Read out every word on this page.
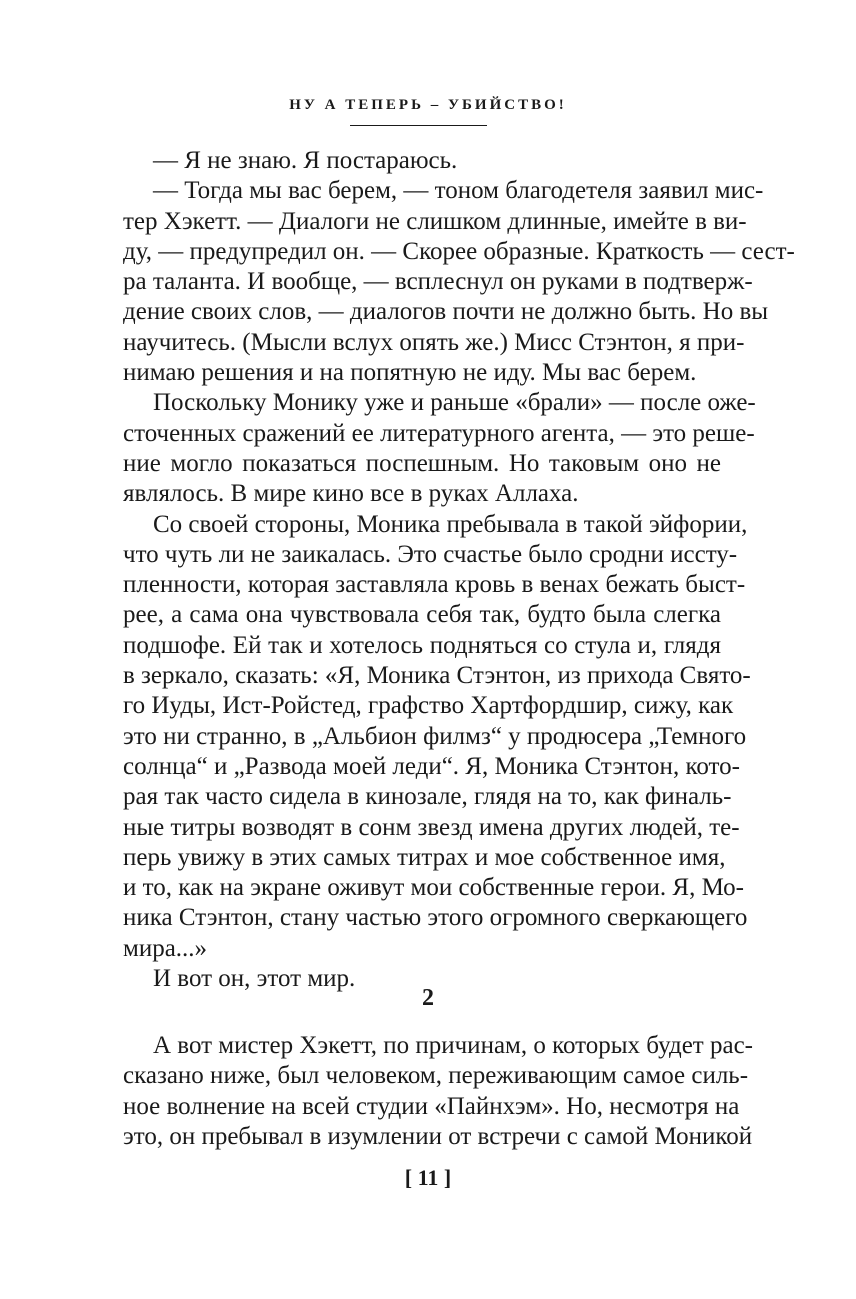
НУ А ТЕПЕРЬ – УБИЙСТВО!
— Я не знаю. Я постараюсь.
— Тогда мы вас берем, — тоном благодетеля заявил мис-
тер Хэкетт. — Диалоги не слишком длинные, имейте в ви-
ду, — предупредил он. — Скорее образные. Краткость — сест-
ра таланта. И вообще, — всплеснул он руками в подтверж-
дение своих слов, — диалогов почти не должно быть. Но вы
научитесь. (Мысли вслух опять же.) Мисс Стэнтон, я при-
нимаю решения и на попятную не иду. Мы вас берем.
Поскольку Монику уже и раньше «брали» — после оже-
сточенных сражений ее литературного агента, — это реше-
ние могло показаться поспешным. Но таковым оно не
являлось. В мире кино все в руках Аллаха.
Со своей стороны, Моника пребывала в такой эйфории,
что чуть ли не заикалась. Это счастье было сродни иссту-
пленности, которая заставляла кровь в венах бежать быст-
рее, а сама она чувствовала себя так, будто была слегка
подшофе. Ей так и хотелось подняться со стула и, глядя
в зеркало, сказать: «Я, Моника Стэнтон, из прихода Свято-
го Иуды, Ист-Ройстед, графство Хартфордшир, сижу, как
это ни странно, в „Альбион филмз“ у продюсера „Темного
солнца“ и „Развода моей леди“. Я, Моника Стэнтон, кото-
рая так часто сидела в кинозале, глядя на то, как финаль-
ные титры возводят в сонм звезд имена других людей, те-
перь увижу в этих самых титрах и мое собственное имя,
и то, как на экране оживут мои собственные герои. Я, Мо-
ника Стэнтон, стану частью этого огромного сверкающего
мира...»
И вот он, этот мир.
2
А вот мистер Хэкетт, по причинам, о которых будет рас-
сказано ниже, был человеком, переживающим самое силь-
ное волнение на всей студии «Пайнхэм». Но, несмотря на
это, он пребывал в изумлении от встречи с самой Моникой
[ 11 ]
